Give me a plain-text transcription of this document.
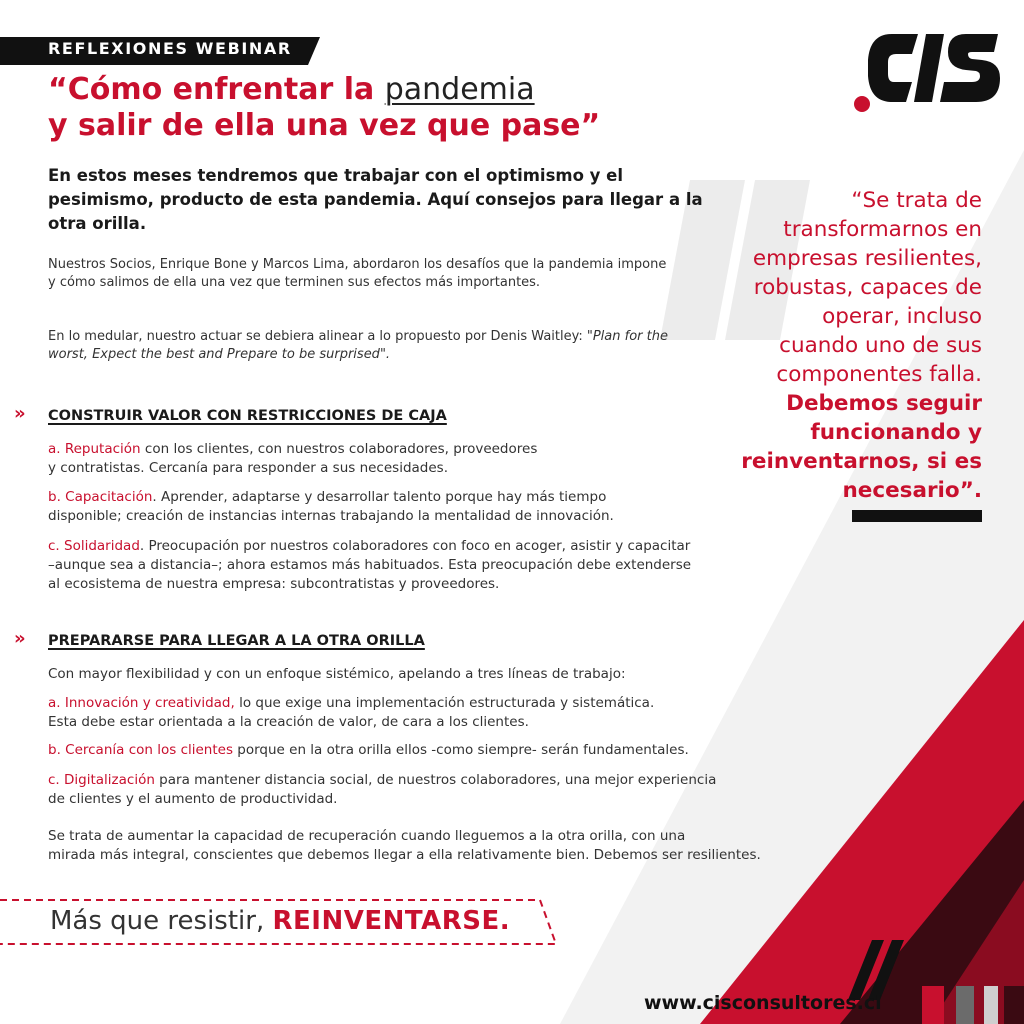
REFLEXIONES WEBINAR
“Cómo enfrentar la pandemia
y salir de ella una vez que pase”
CIS
En estos meses tendremos que trabajar con el optimismo y el pesimismo, producto de esta pandemia. Aquí consejos para llegar a la otra orilla.
Nuestros Socios, Enrique Bone y Marcos Lima, abordaron los desafíos que la pandemia impone y cómo salimos de ella una vez que terminen sus efectos más importantes.
En lo medular, nuestro actuar se debiera alinear a lo propuesto por Denis Waitley: "Plan for the worst, Expect the best and Prepare to be surprised".
» CONSTRUIR VALOR CON RESTRICCIONES DE CAJA
a. Reputación con los clientes, con nuestros colaboradores, proveedores
y contratistas. Cercanía para responder a sus necesidades.
b. Capacitación. Aprender, adaptarse y desarrollar talento porque hay más tiempo
disponible; creación de instancias internas trabajando la mentalidad de innovación.
c. Solidaridad. Preocupación por nuestros colaboradores con foco en acoger, asistir y capacitar
–aunque sea a distancia–; ahora estamos más habituados. Esta preocupación debe extenderse
al ecosistema de nuestra empresa: subcontratistas y proveedores.
» PREPARARSE PARA LLEGAR A LA OTRA ORILLA
Con mayor flexibilidad y con un enfoque sistémico, apelando a tres líneas de trabajo:
a. Innovación y creatividad, lo que exige una implementación estructurada y sistemática.
Esta debe estar orientada a la creación de valor, de cara a los clientes.
b. Cercanía con los clientes porque en la otra orilla ellos -como siempre- serán fundamentales.
c. Digitalización para mantener distancia social, de nuestros colaboradores, una mejor experiencia
de clientes y el aumento de productividad.
Se trata de aumentar la capacidad de recuperación cuando lleguemos a la otra orilla, con una
mirada más integral, conscientes que debemos llegar a ella relativamente bien. Debemos ser resilientes.
“Se trata de
transformarnos en
empresas resilientes,
robustas, capaces de
operar, incluso
cuando uno de sus
componentes falla.
Debemos seguir
funcionando y
reinventarnos, si es
necesario”.
Más que resistir, REINVENTARSE.
www.cisconsultores.cl
